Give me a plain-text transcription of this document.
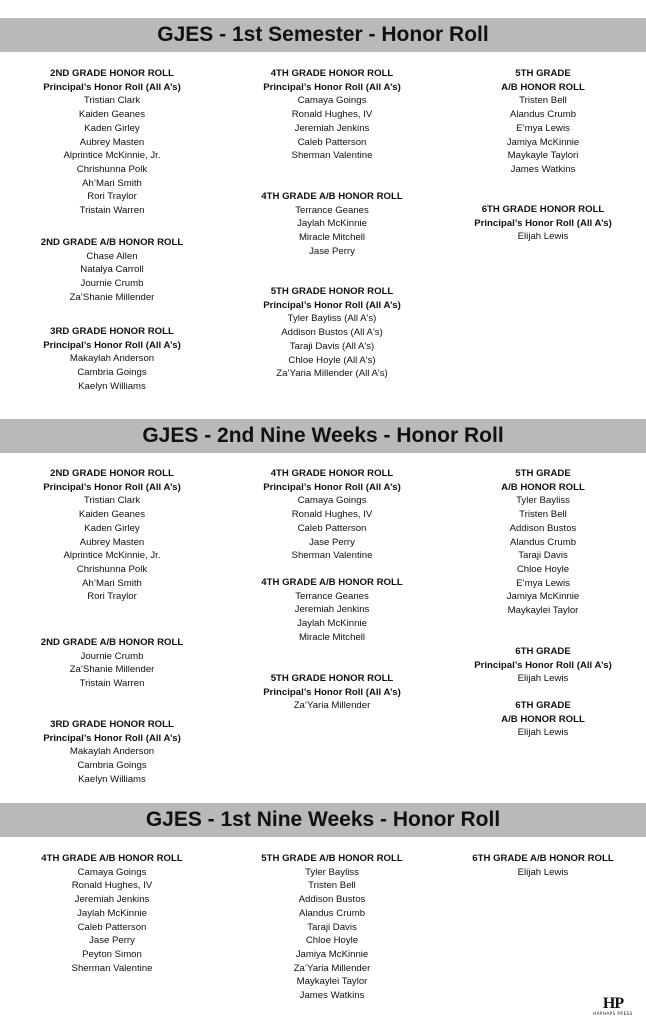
GJES - 1st Semester - Honor Roll
GJES - 2nd Nine Weeks - Honor Roll
GJES - 1st Nine Weeks - Honor Roll
2ND GRADE HONOR ROLL
Principal’s Honor Roll (All A’s)
Tristian Clark
Kaiden Geanes
Kaden Girley
Aubrey Masten
Alprintice McKinnie, Jr.
Chrishunna Polk
Ah’Mari Smith
Rori Traylor
Tristain Warren
2ND GRADE A/B HONOR ROLL
Chase Allen
Natalya Carroll
Journie Crumb
Za’Shanie Millender
3RD GRADE HONOR ROLL
Principal’s Honor Roll (All A’s)
Makaylah Anderson
Cambria Goings
Kaelyn Williams
4TH GRADE HONOR ROLL
Principal’s Honor Roll (All A’s)
Camaya Goings
Ronald Hughes, IV
Jeremiah Jenkins
Caleb Patterson
Sherman Valentine
4TH GRADE A/B HONOR ROLL
Terrance Geanes
Jaylah McKinnie
Miracle Mitchell
Jase Perry
5TH GRADE HONOR ROLL
Principal’s Honor Roll (All A’s)
Tyler Bayliss (All A's)
Addison Bustos (All A's)
Taraji Davis (All A's)
Chloe Hoyle (All A's)
Za’Yaria Millender (All A's)
5TH GRADE
A/B HONOR ROLL
Tristen Bell
Alandus Crumb
E’mya Lewis
Jamiya McKinnie
Maykayle Taylori
James Watkins
6TH GRADE HONOR ROLL
Principal’s Honor Roll (All A’s)
Elijah Lewis
2ND GRADE HONOR ROLL
Principal’s Honor Roll (All A’s)
Tristian Clark
Kaiden Geanes
Kaden Girley
Aubrey Masten
Alprintice McKinnie, Jr.
Chrishunna Polk
Ah’Mari Smith
Rori Traylor
2ND GRADE A/B HONOR ROLL
Journie Crumb
Za’Shanie Millender
Tristain Warren
3RD GRADE HONOR ROLL
Principal’s Honor Roll (All A’s)
Makaylah Anderson
Cambria Goings
Kaelyn Williams
4TH GRADE HONOR ROLL
Principal’s Honor Roll (All A’s)
Camaya Goings
Ronald Hughes, IV
Caleb Patterson
Jase Perry
Sherman Valentine
4TH GRADE A/B HONOR ROLL
Terrance Geanes
Jeremiah Jenkins
Jaylah McKinnie
Miracle Mitchell
5TH GRADE HONOR ROLL
Principal’s Honor Roll (All A’s)
Za’Yaria Millender
5TH GRADE
A/B HONOR ROLL
Tyler Bayliss
Tristen Bell
Addison Bustos
Alandus Crumb
Taraji Davis
Chloe Hoyle
E’mya Lewis
Jamiya McKinnie
Maykaylei Taylor
6TH GRADE
Principal’s Honor Roll (All A’s)
Elijah Lewis
6TH GRADE
A/B HONOR ROLL
Elijah Lewis
4TH GRADE A/B HONOR ROLL
Camaya Goings
Ronald Hughes, IV
Jeremiah Jenkins
Jaylah McKinnie
Caleb Patterson
Jase Perry
Peyton Simon
Sherman Valentine
5TH GRADE A/B HONOR ROLL
Tyler Bayliss
Tristen Bell
Addison Bustos
Alandus Crumb
Taraji Davis
Chloe Hoyle
Jamiya McKinnie
Za’Yaria Millender
Maykaylei Taylor
James Watkins
6TH GRADE A/B HONOR ROLL
Elijah Lewis
HP
HAPHAPS PRESS
